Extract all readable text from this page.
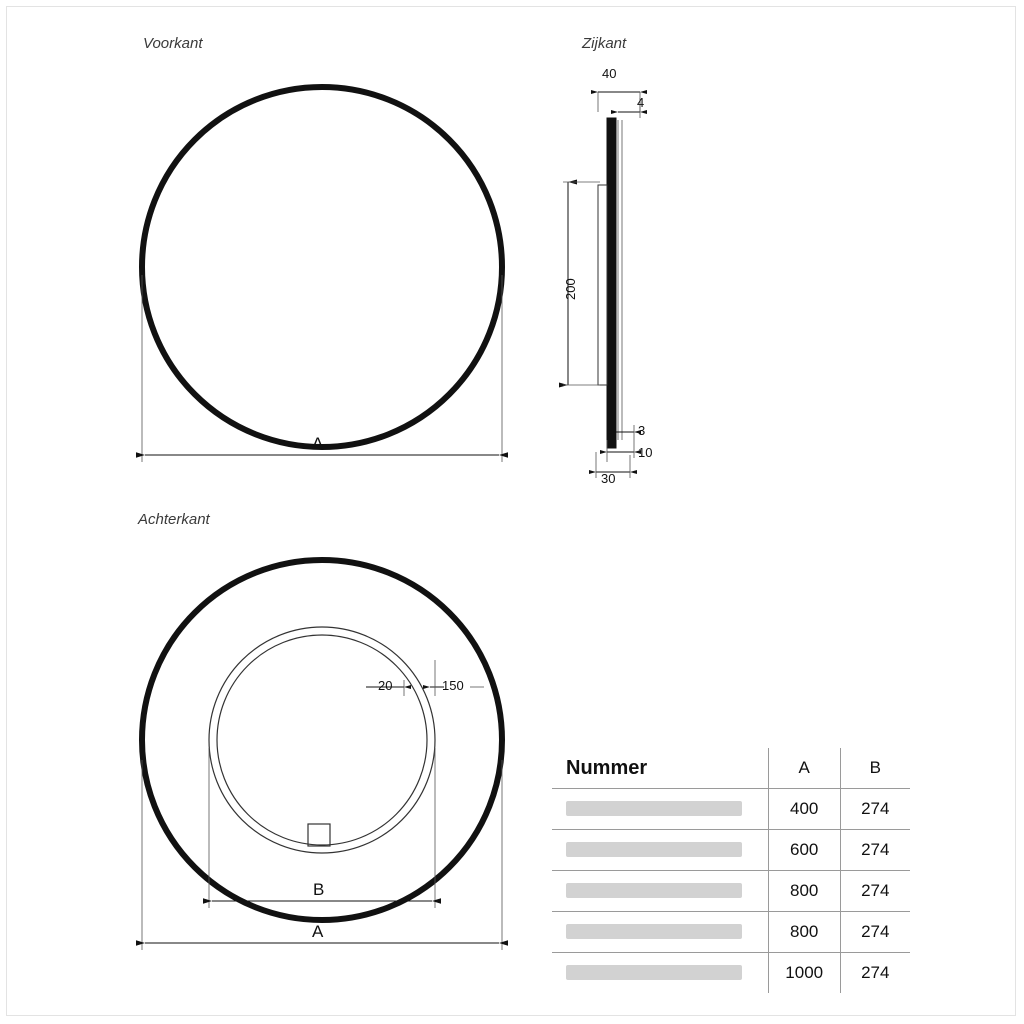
Voorkant
A
Zijkant
40
4
200
3
10
30
Achterkant
20	150
B
A
Nummer	A	B
	400	274
	600	274
	800	274
	800	274
	1000	274
